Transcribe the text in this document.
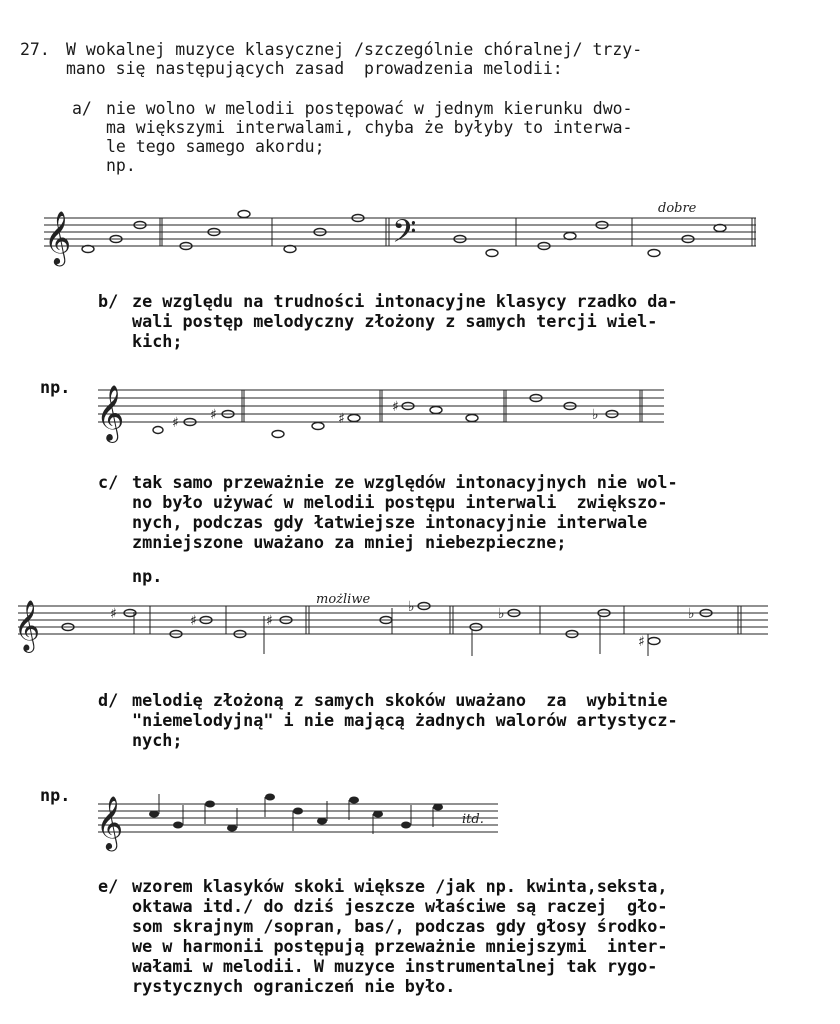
27. W wokalnej muzyce klasycznej /szczególnie chóralnej/ trzy-
mano się następujących zasad  prowadzenia melodii:
a/ nie wolno w melodii postępować w jednym kierunku dwo-
ma większymi interwalami, chyba że byłyby to interwa-
le tego samego akordu;
np.
𝄞	𝄢
dobre
b/ ze względu na trudności intonacyjne klasycy rzadko da-
wali postęp melodyczny złożony z samych tercji wiel-
kich;
np. 𝄞	♯ ♯	♯
♯	♭
c/ tak samo przeważnie ze względów intonacyjnych nie wol-
no było używać w melodii postępu interwali  zwiększo-
nych, podczas gdy łatwiejsze intonacyjnie interwale
zmniejszone uważano za mniej niebezpieczne;
np.
𝄞	♯	♯	♯
♭	♭
♯
♭
możliwe
d/ melodię złożoną z samych skoków uważano  za  wybitnie
"niemelodyjną" i nie mającą żadnych walorów artystycz-
nych;
np. 𝄞	itd.
e/ wzorem klasyków skoki większe /jak np. kwinta,seksta,
oktawa itd./ do dziś jeszcze właściwe są raczej  gło-
som skrajnym /sopran, bas/, podczas gdy głosy środko-
we w harmonii postępują przeważnie mniejszymi  inter-
wałami w melodii. W muzyce instrumentalnej tak rygo-
rystycznych ograniczeń nie było.
